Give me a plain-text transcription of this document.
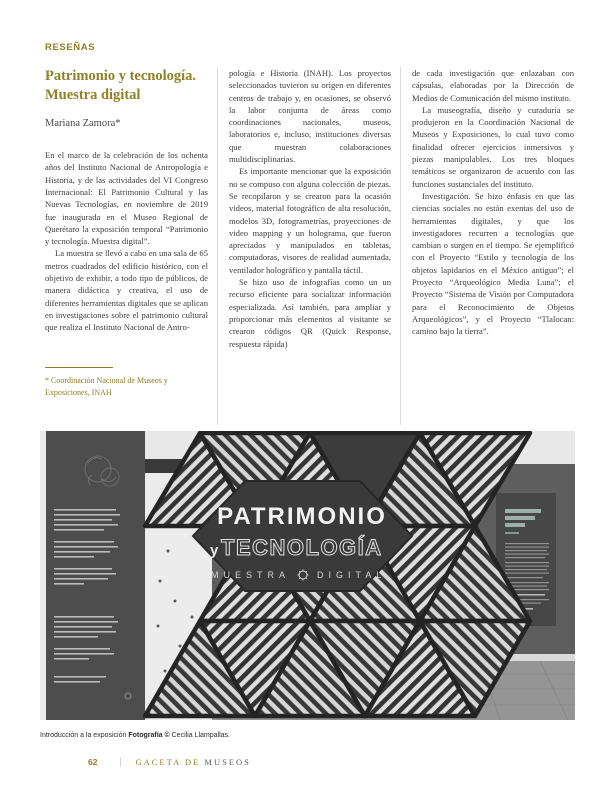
RESEÑAS
Patrimonio y tecnología.
Muestra digital
Mariana Zamora*

En el marco de la celebración de los ochenta años del Instituto Nacional de Antropología e Historia, y de las actividades del VI Congreso Internacional: El Patrimonio Cultural y las Nuevas Tecnologías, en noviembre de 2019 fue inaugurada en el Museo Regional de Querétaro la exposición temporal “Patrimonio y tecnología. Muestra digital”.

La muestra se llevó a cabo en una sala de 65 metros cuadrados del edificio histórico, con el objetivo de exhibir, a todo tipo de públicos, de manera didáctica y creativa, el uso de diferentes herramientas digitales que se aplican en investigaciones sobre el patrimonio cultural que realiza el Instituto Nacional de Antro-

* Coordinación Nacional de Museos y Exposiciones, INAH

pología e Historia (INAH). Los proyectos seleccionados tuvieron su origen en diferentes centros de trabajo y, en ocasiones, se observó la labor conjunta de áreas como coordinaciones nacionales, museos, laboratorios e, incluso, instituciones diversas que muestran colaboraciones multidisciplinarias.

Es importante mencionar que la exposición no se compuso con alguna colección de piezas. Se recopilaron y se crearon para la ocasión videos, material fotográfico de alta resolución, modelos 3D, fotogrametrías, proyecciones de video mapping y un holograma, que fueron apreciados y manipulados en tabletas, computadoras, visores de realidad aumentada, ventilador holográfico y pantalla táctil.

Se hizo uso de infografías como un un recurso eficiente para socializar información especializada. Así también, para ampliar y proporcionar más elementos al visitante se crearon códigos QR (Quick Response, respuesta rápida)

de cada investigación que enlazaban con cápsulas, elaboradas por la Dirección de Medios de Comunicación del mismo instituto.

La museografía, diseño y curaduría se produjeron en la Coordinación Nacional de Museos y Exposiciones, lo cual tuvo como finalidad ofrecer ejercicios inmersivos y piezas manipulables. Los tres bloques temáticos se organizaron de acuerdo con las funciones sustanciales del instituto.

Investigación. Se hizo énfasis en que las ciencias sociales no están exentas del uso de herramientas digitales, y que los investigadores recurren a tecnologías que cambian o surgen en el tiempo. Se ejemplificó con el Proyecto “Estilo y tecnología de los objetos lapidarios en el México antiguo”; el Proyecto “Arqueológico Media Luna”; el Proyecto “Sistema de Visión por Computadora para el Reconocimiento de Objetos Arqueológicos”, y el Proyecto “Tlalocan: camino bajo la tierra”.

PATRIMONIO
y TECNOLOGÍA
MUESTRA	DIGITAL
Introducción a la exposición Fotografía © Cecilia Llampallas.
62 | GACETA DE MUSEOS
